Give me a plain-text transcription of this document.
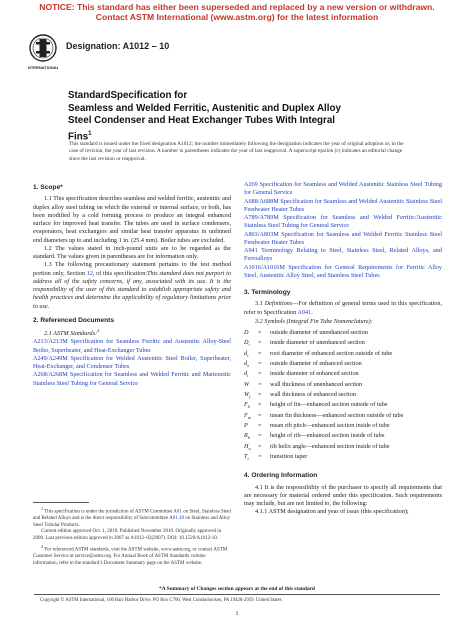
NOTICE: This standard has either been superseded and replaced by a new version or withdrawn.
Contact ASTM International (www.astm.org) for the latest information
INTERNATIONAL
Designation: A1012 – 10
StandardSpecification for
Seamless and Welded Ferritic, Austenitic and Duplex Alloy
Steel Condenser and Heat Exchanger Tubes With Integral
Fins$^1$
This standard is issued under the fixed designation A1012; the number immediately following the designation indicates the year of original adoption or, in the case of revision, the year of last revision. A number in parentheses indicates the year of last reapproval. A superscript epsilon (ε) indicates an editorial change since the last revision or reapproval.
1. Scope*

1.1 This specification describes seamless and welded ferritic, austenitic and duplex alloy steel tubing on which the external or internal surface, or both, has been modified by a cold forming process to produce an integral enhanced surface for improved heat transfer. The tubes are used in surface condensers, evaporators, heat exchangers and similar heat transfer apparatus in unfinned end diameters up to and including 1 in. (25.4 mm). Boiler tubes are excluded.

1.2 The values stated in inch-pound units are to be regarded as the standard. The values given in parentheses are for information only.

1.3 The following precautionary statement pertains to the test method portion only, Section 12, of this specification:This standard does not purport to address all of the safety concerns, if any, associated with its use. It is the responsibility of the user of this standard to establish appropriate safety and health practices and determine the applicability of regulatory limitations prior to use.

2. Referenced Documents

2.1 ASTM Standards:$^2$

A213/A213M Specification for Seamless Ferritic and Austenitic Alloy-Steel Boiler, Superheater, and Heat-Exchanger Tubes

A249/A249M Specification for Welded Austenitic Steel Boiler, Superheater, Heat-Exchanger, and Condenser Tubes

A268/A268M Specification for Seamless and Welded Ferritic and Martensitic Stainless Steel Tubing for General Service

$^1$ This specification is under the jurisdiction of ASTM Committee A01 on Steel, Stainless Steel and Related Alloys and is the direct responsibility of Subcommittee A01.10 on Stainless and Alloy Steel Tubular Products.

Current edition approved Oct. 1, 2010. Published November 2010. Originally approved in 2000. Last previous edition approved in 2007 as A1012–02(2007). DOI: 10.1520/A1012-10.

$^2$ For referenced ASTM standards, visit the ASTM website, www.astm.org, or contact ASTM Customer Service at service@astm.org. For Annual Book of ASTM Standards volume information, refer to the standard’s Document Summary page on the ASTM website.

A269 Specification for Seamless and Welded Austenitic Stainless Steel Tubing for General Service

A688/A688M Specification for Seamless and Welded Austenitic Stainless Steel Feedwater Heater Tubes

A789/A789M Specification for Seamless and Welded Ferritic/Austenitic Stainless Steel Tubing for General Service

A803/A803M Specification for Seamless and Welded Ferritic Stainless Steel Feedwater Heater Tubes

A941 Terminology Relating to Steel, Stainless Steel, Related Alloys, and Ferroalloys

A1016/A1016M Specification for General Requirements for Ferritic Alloy Steel, Austenitic Alloy Steel, and Stainless Steel Tubes

3. Terminology

3.1 Definitions—For definition of general terms used in this specification, refer to Specification A941.

3.2 Symbols (Integral Fin Tube Nomenclature):

D	=	outside diameter of unenhanced section
$D_i$	=	inside diameter of unenhanced section
$d_r$	=	root diameter of enhanced section outside of tube
$d_o$	=	outside diameter of enhanced section
$d_i$	=	inside diameter of enhanced section
W	=	wall thickness of unenhanced section
$W_f$	=	wall thickness of enhanced section
$F_h$	=	height of fin—enhanced section outside of tube
$F_m$	=	mean fin thickness—enhanced section outside of tube
P	=	mean rib pitch—enhanced section inside of tube
$R_h$	=	height of rib—enhanced section inside of tube
$H_a$	=	rib helix angle—enhanced section inside of tube
$T_t$	=	transition taper
4. Ordering Information

4.1 It is the responsibility of the purchaser to specify all requirements that are necessary for material ordered under this specification. Such requirements may include, but are not limited to, the following:

4.1.1 ASTM designation and year of issue (this specification);

*A Summary of Changes section appears at the end of this standard
Copyright © ASTM International, 100 Barr Harbor Drive, PO Box C700, West Conshohocken, PA 19428-2959. United States
1
